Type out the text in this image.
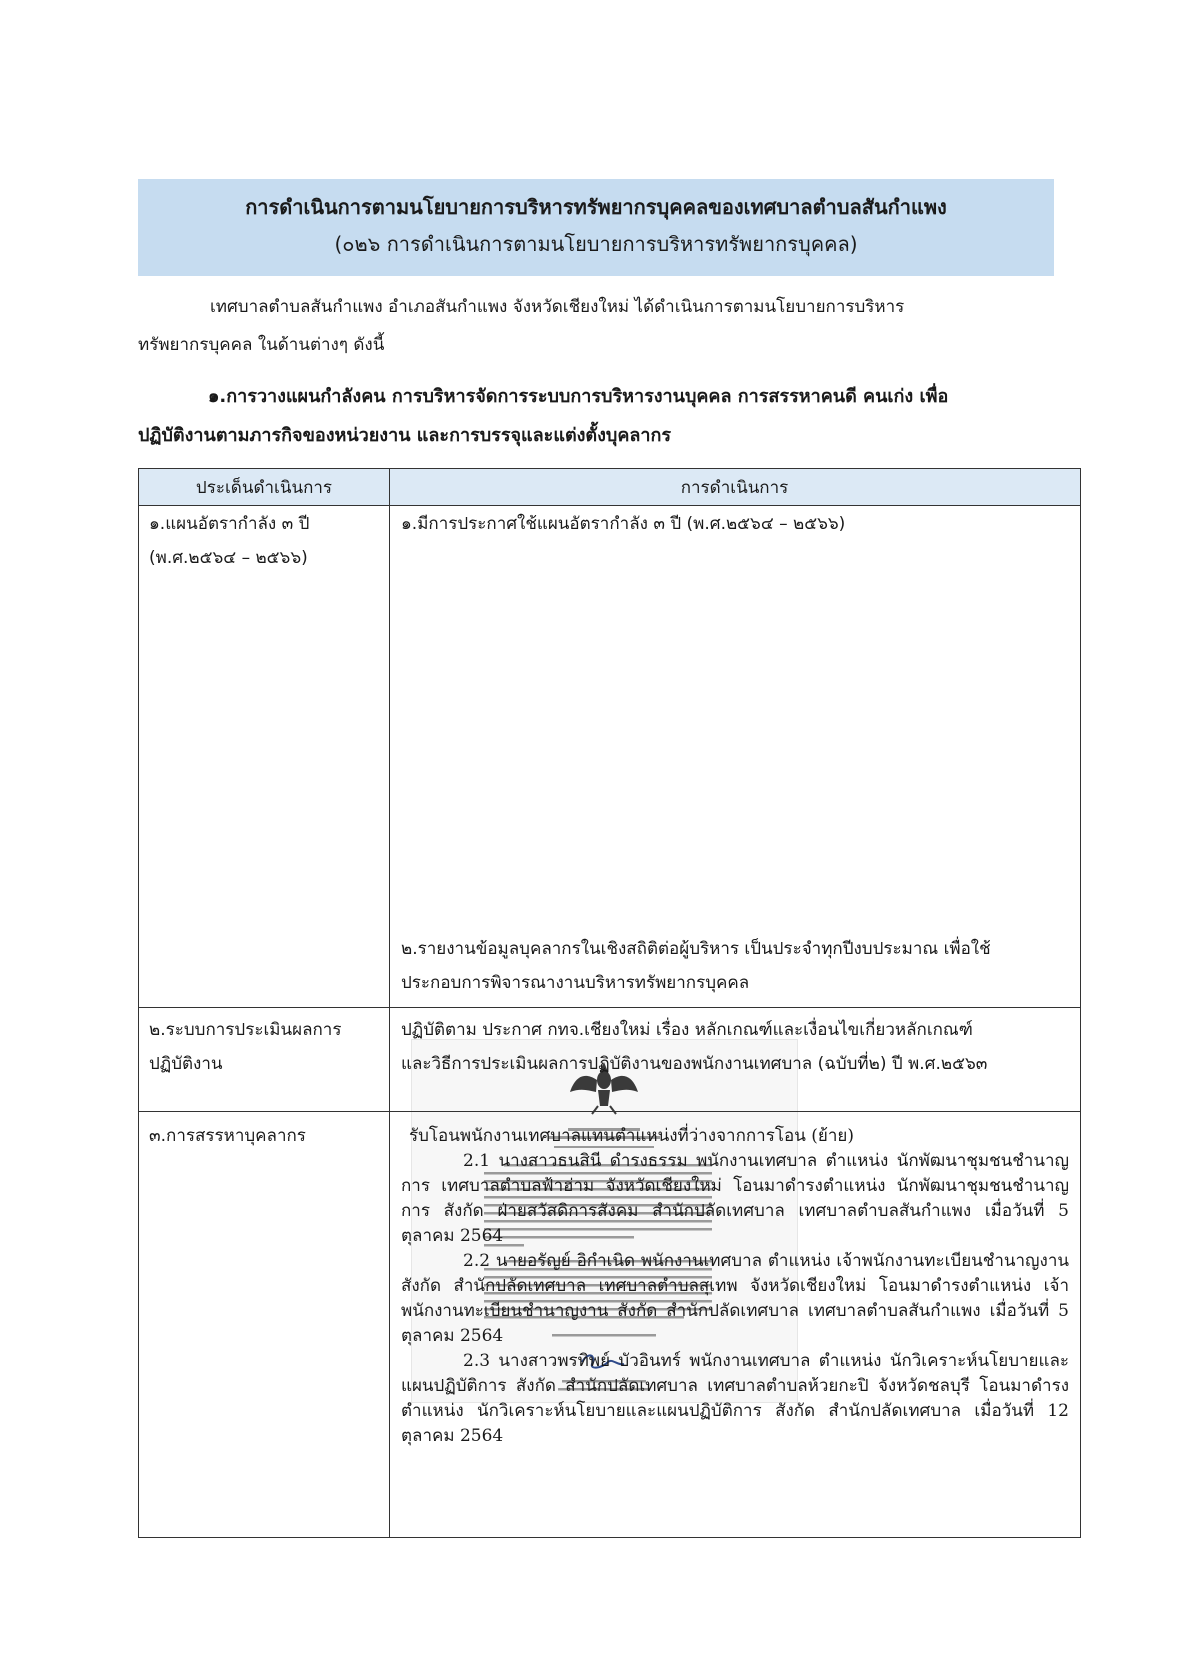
การดำเนินการตามนโยบายการบริหารทรัพยากรบุคคลของเทศบาลตำบลสันกำแพง
(๐๒๖ การดำเนินการตามนโยบายการบริหารทรัพยากรบุคคล)
เทศบาลตำบลสันกำแพง อำเภอสันกำแพง จังหวัดเชียงใหม่ ได้ดำเนินการตามนโยบายการบริหาร
ทรัพยากรบุคคล ในด้านต่างๆ ดังนี้
๑.การวางแผนกำลังคน การบริหารจัดการระบบการบริหารงานบุคคล การสรรหาคนดี คนเก่ง เพื่อ
ปฏิบัติงานตามภารกิจของหน่วยงาน และการบรรจุและแต่งตั้งบุคลากร
ประเด็นดำเนินการ	การดำเนินการ
๑.แผนอัตรากำลัง ๓ ปี
(พ.ศ.๒๕๖๔ – ๒๕๖๖)
๑.มีการประกาศใช้แผนอัตรากำลัง ๓ ปี (พ.ศ.๒๕๖๔ – ๒๕๖๖)
๒.รายงานข้อมูลบุคลากรในเชิงสถิติต่อผู้บริหาร เป็นประจำทุกปีงบประมาณ เพื่อใช้
ประกอบการพิจารณางานบริหารทรัพยากรบุคคล
๒.ระบบการประเมินผลการ
ปฏิบัติงาน
ปฏิบัติตาม ประกาศ กทจ.เชียงใหม่ เรื่อง หลักเกณฑ์และเงื่อนไขเกี่ยวหลักเกณฑ์
และวิธีการประเมินผลการปฏิบัติงานของพนักงานเทศบาล (ฉบับที่๒) ปี พ.ศ.๒๕๖๓
๓.การสรรหาบุคลากร	รับโอนพนักงานเทศบาลแทนตำแหน่งที่ว่างจากการโอน (ย้าย)

2.1 นางสาวธนสินี ดำรงธรรม พนักงานเทศบาล ตำแหน่ง นักพัฒนาชุมชนชำนาญการ เทศบาลตำบลฟ้าฮ่าม จังหวัดเชียงใหม่ โอนมาดำรงตำแหน่ง นักพัฒนาชุมชนชำนาญการ สังกัด ฝ่ายสวัสดิการสังคม สำนักปลัดเทศบาล เทศบาลตำบลสันกำแพง เมื่อวันที่ 5 ตุลาคม 2564

2.2 นายอรัญย์ อิกำเนิด พนักงานเทศบาล ตำแหน่ง เจ้าพนักงานทะเบียนชำนาญงาน สังกัด สำนักปลัดเทศบาล เทศบาลตำบลสุเทพ จังหวัดเชียงใหม่ โอนมาดำรงตำแหน่ง เจ้าพนักงานทะเบียนชำนาญงาน สังกัด สำนักปลัดเทศบาล เทศบาลตำบลสันกำแพง เมื่อวันที่ 5 ตุลาคม 2564

2.3 นางสาวพรทิพย์ บัวอินทร์ พนักงานเทศบาล ตำแหน่ง นักวิเคราะห์นโยบายและแผนปฏิบัติการ สังกัด สำนักปลัดเทศบาล เทศบาลตำบลห้วยกะปิ จังหวัดชลบุรี โอนมาดำรงตำแหน่ง นักวิเคราะห์นโยบายและแผนปฏิบัติการ สังกัด สำนักปลัดเทศบาล เมื่อวันที่ 12 ตุลาคม 2564
